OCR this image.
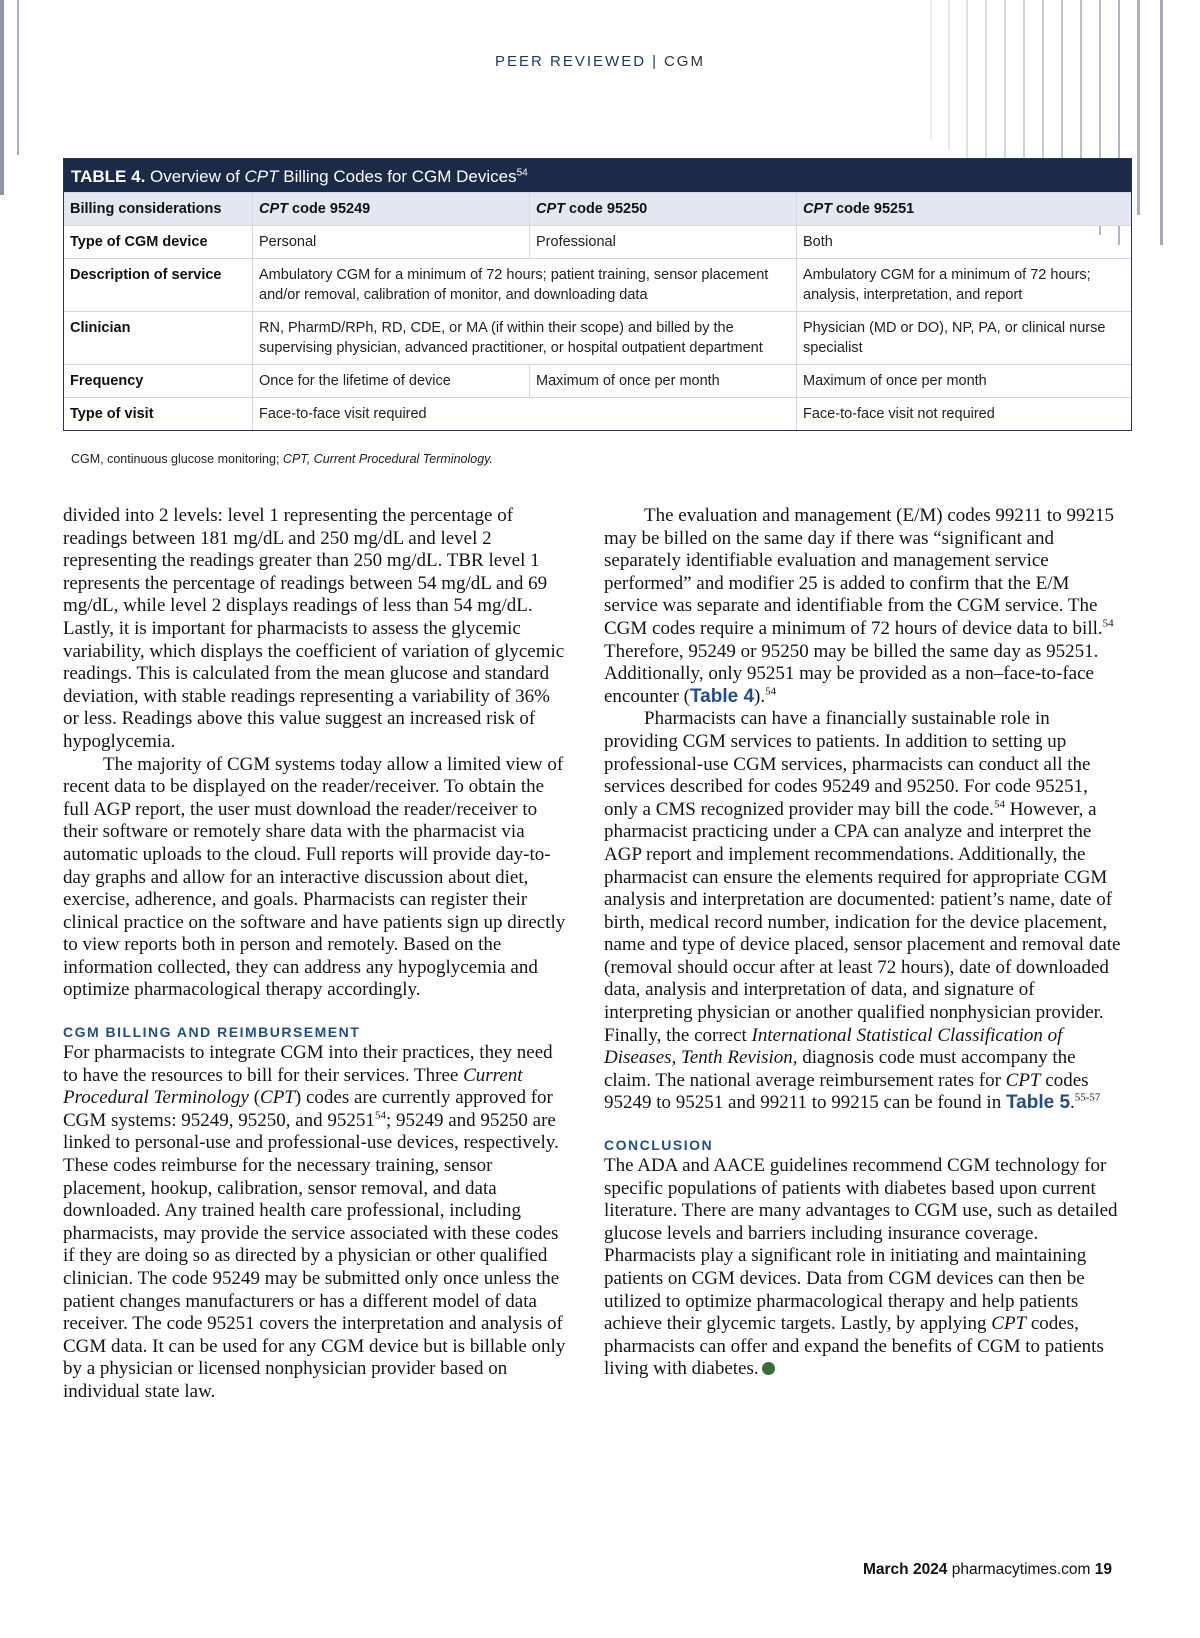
PEER REVIEWED | CGM
TABLE 4. Overview of CPT Billing Codes for CGM Devices$^{54}$
Billing considerations	CPT code 95249	CPT code 95250	CPT code 95251
Type of CGM device	Personal	Professional	Both
Description of service	Ambulatory CGM for a minimum of 72 hours; patient training, sensor placement and/or removal, calibration of monitor, and downloading data		Ambulatory CGM for a minimum of 72 hours; analysis, interpretation, and report
Clinician	RN, PharmD/RPh, RD, CDE, or MA (if within their scope) and billed by the supervising physician, advanced practitioner, or hospital outpatient department		Physician (MD or DO), NP, PA, or clinical nurse specialist
Frequency	Once for the lifetime of device	Maximum of once per month	Maximum of once per month
Type of visit	Face-to-face visit required		Face-to-face visit not required
CGM, continuous glucose monitoring; CPT, Current Procedural Terminology.

divided into 2 levels: level 1 representing the percentage of readings between 181 mg/dL and 250 mg/dL and level 2 representing the readings greater than 250 mg/dL. TBR level 1 represents the percentage of readings between 54 mg/dL and 69 mg/dL, while level 2 displays readings of less than 54 mg/dL. Lastly, it is important for pharmacists to assess the glycemic variability, which displays the coefficient of variation of glycemic readings. This is calculated from the mean glucose and standard deviation, with stable readings representing a variability of 36% or less. Readings above this value suggest an increased risk of hypoglycemia.

The majority of CGM systems today allow a limited view of recent data to be displayed on the reader/receiver. To obtain the full AGP report, the user must download the reader/receiver to their software or remotely share data with the pharmacist via automatic uploads to the cloud. Full reports will provide day-to-day graphs and allow for an interactive discussion about diet, exercise, adherence, and goals. Pharmacists can register their clinical practice on the software and have patients sign up directly to view reports both in person and remotely. Based on the information collected, they can address any hypoglycemia and optimize pharmacological therapy accordingly.

CGM BILLING AND REIMBURSEMENT

For pharmacists to integrate CGM into their practices, they need to have the resources to bill for their services. Three Current Procedural Terminology (CPT) codes are currently approved for CGM systems: 95249, 95250, and 95251$^{54}$; 95249 and 95250 are linked to personal-use and professional-use devices, respectively. These codes reimburse for the necessary training, sensor placement, hookup, calibration, sensor removal, and data downloaded. Any trained health care professional, including pharmacists, may provide the service associated with these codes if they are doing so as directed by a physician or other qualified clinician. The code 95249 may be submitted only once unless the patient changes manufacturers or has a different model of data receiver. The code 95251 covers the interpretation and analysis of CGM data. It can be used for any CGM device but is billable only by a physician or licensed nonphysician provider based on individual state law.

The evaluation and management (E/M) codes 99211 to 99215 may be billed on the same day if there was “significant and separately identifiable evaluation and management service performed” and modifier 25 is added to confirm that the E/M service was separate and identifiable from the CGM service. The CGM codes require a minimum of 72 hours of device data to bill.$^{54}$ Therefore, 95249 or 95250 may be billed the same day as 95251. Additionally, only 95251 may be provided as a non–face-to-face encounter (Table 4).$^{54}$

Pharmacists can have a financially sustainable role in providing CGM services to patients. In addition to setting up professional-use CGM services, pharmacists can conduct all the services described for codes 95249 and 95250. For code 95251, only a CMS recognized provider may bill the code.$^{54}$ However, a pharmacist practicing under a CPA can analyze and interpret the AGP report and implement recommendations. Additionally, the pharmacist can ensure the elements required for appropriate CGM analysis and interpretation are documented: patient’s name, date of birth, medical record number, indication for the device placement, name and type of device placed, sensor placement and removal date (removal should occur after at least 72 hours), date of downloaded data, analysis and interpretation of data, and signature of interpreting physician or another qualified nonphysician provider. Finally, the correct International Statistical Classification of Diseases, Tenth Revision, diagnosis code must accompany the claim. The national average reimbursement rates for CPT codes 95249 to 95251 and 99211 to 99215 can be found in Table 5.$^{55-57}$

CONCLUSION

The ADA and AACE guidelines recommend CGM technology for specific populations of patients with diabetes based upon current literature. There are many advantages to CGM use, such as detailed glucose levels and barriers including insurance coverage. Pharmacists play a significant role in initiating and maintaining patients on CGM devices. Data from CGM devices can then be utilized to optimize pharmacological therapy and help patients achieve their glycemic targets. Lastly, by applying CPT codes, pharmacists can offer and expand the benefits of CGM to patients living with diabetes.

March 2024 pharmacytimes.com 19
